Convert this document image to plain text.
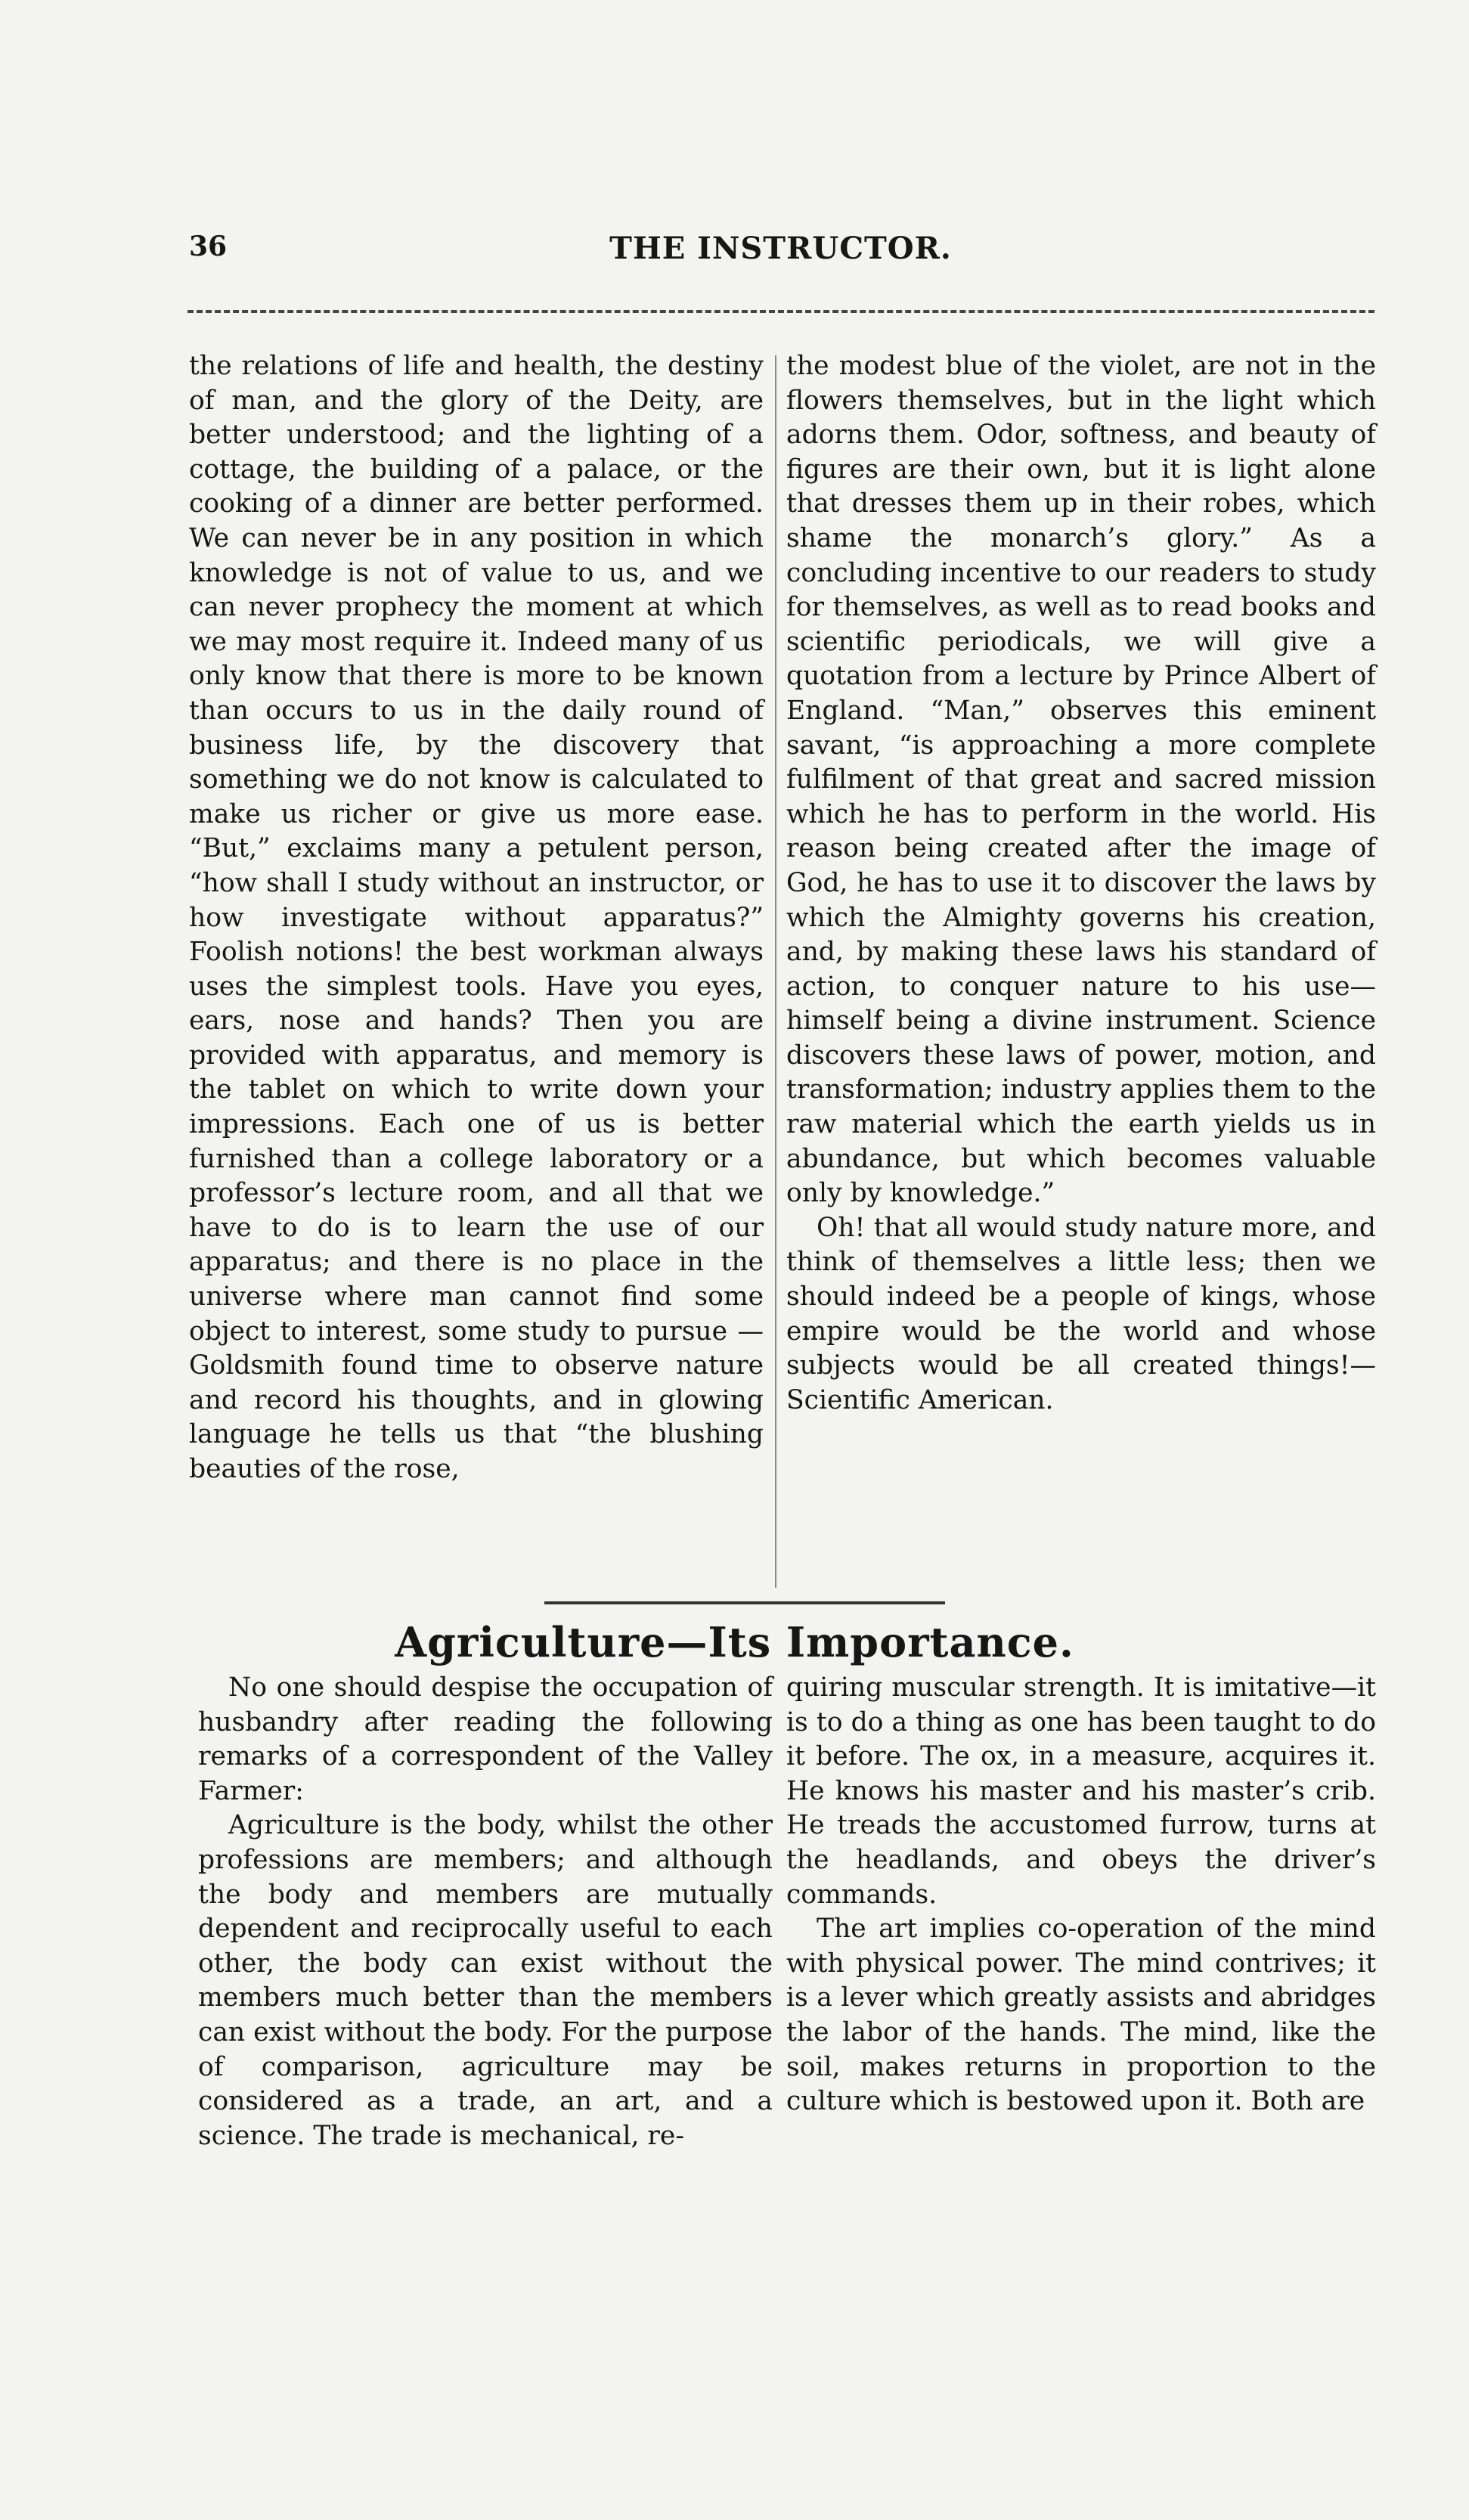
36	THE INSTRUCTOR.

the relations of life and health, the destiny of man, and the glory of the Deity, are better understood; and the lighting of a cottage, the building of a palace, or the cooking of a dinner are better performed. We can never be in any position in which knowledge is not of value to us, and we can never prophecy the moment at which we may most require it. Indeed many of us only know that there is more to be known than occurs to us in the daily round of business life, by the discovery that something we do not know is calculated to make us richer or give us more ease. “But,” exclaims many a petulent person, “how shall I study without an instructor, or how investigate without apparatus?” Foolish notions! the best workman always uses the simplest tools. Have you eyes, ears, nose and hands? Then you are provided with apparatus, and memory is the tablet on which to write down your impressions. Each one of us is better furnished than a college laboratory or a professor’s lecture room, and all that we have to do is to learn the use of our apparatus; and there is no place in the universe where man cannot find some object to interest, some study to pursue — Goldsmith found time to observe nature and record his thoughts, and in glowing language he tells us that “the blushing beauties of the rose,

the modest blue of the violet, are not in the flowers themselves, but in the light which adorns them. Odor, softness, and beauty of figures are their own, but it is light alone that dresses them up in their robes, which shame the monarch’s glory.” As a concluding incentive to our readers to study for themselves, as well as to read books and scientific periodicals, we will give a quotation from a lecture by Prince Albert of England. “Man,” observes this eminent savant, “is approaching a more complete fulfilment of that great and sacred mission which he has to perform in the world. His reason being created after the image of God, he has to use it to discover the laws by which the Almighty governs his creation, and, by making these laws his standard of action, to conquer nature to his use—himself being a divine instrument. Science discovers these laws of power, motion, and transformation; industry applies them to the raw material which the earth yields us in abundance, but which becomes valuable only by knowledge.”

Oh! that all would study nature more, and think of themselves a little less; then we should indeed be a people of kings, whose empire would be the world and whose subjects would be all created things!—Scientific American.

Agriculture—Its Importance.

No one should despise the occupation of husbandry after reading the following remarks of a correspondent of the Valley Farmer:

Agriculture is the body, whilst the other professions are members; and although the body and members are mutually dependent and reciprocally useful to each other, the body can exist without the members much better than the members can exist without the body. For the purpose of comparison, agriculture may be considered as a trade, an art, and a science. The trade is mechanical, re-

quiring muscular strength. It is imitative—it is to do a thing as one has been taught to do it before. The ox, in a measure, acquires it. He knows his master and his master’s crib. He treads the accustomed furrow, turns at the headlands, and obeys the driver’s commands.

The art implies co-operation of the mind with physical power. The mind contrives; it is a lever which greatly assists and abridges the labor of the hands. The mind, like the soil, makes returns in proportion to the culture which is bestowed upon it. Both are
